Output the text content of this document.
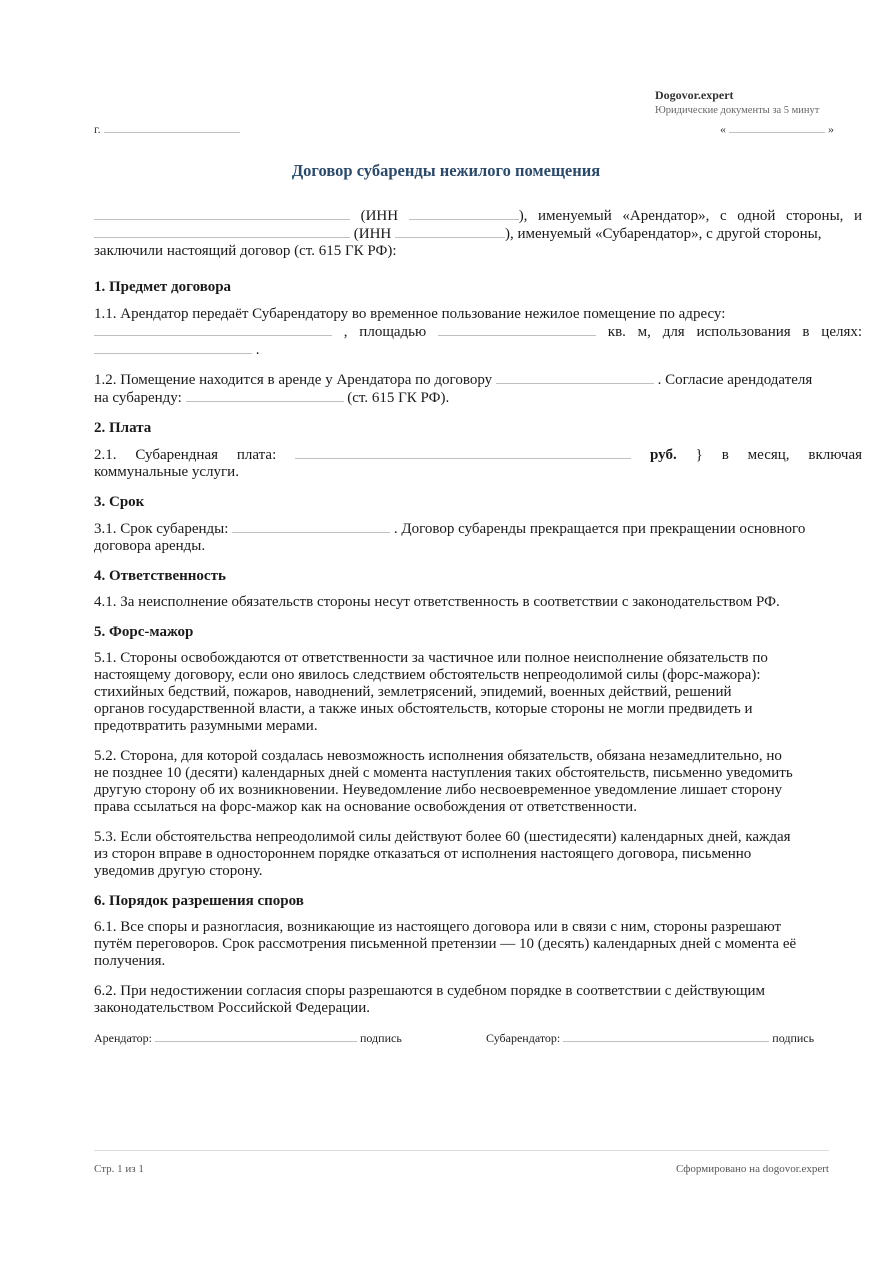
Dogovor.expert
Юридические документы за 5 минут
г.	«	»
Договор субаренды нежилого помещения

(ИНН	), именуемый «Арендатор», с одной стороны, и

(ИНН	), именуемый «Субарендатор», с другой стороны,

заключили настоящий договор (ст. 615 ГК РФ):

1. Предмет договора

1.1. Арендатор передаёт Субарендатору во временное пользование нежилое помещение по адресу:

, площадью	кв. м, для использования в целях:

.

1.2. Помещение находится в аренде у Арендатора по договору	. Согласие арендодателя

на субаренду:	(ст. 615 ГК РФ).

2. Плата

2.1. Субарендная плата:	руб. } в месяц, включая

коммунальные услуги.

3. Срок

3.1. Срок субаренды:	. Договор субаренды прекращается при прекращении основного

договора аренды.

4. Ответственность

4.1. За неисполнение обязательств стороны несут ответственность в соответствии с законодательством РФ.

5. Форс-мажор

5.1. Стороны освобождаются от ответственности за частичное или полное неисполнение обязательств по

настоящему договору, если оно явилось следствием обстоятельств непреодолимой силы (форс-мажора):

стихийных бедствий, пожаров, наводнений, землетрясений, эпидемий, военных действий, решений

органов государственной власти, а также иных обстоятельств, которые стороны не могли предвидеть и

предотвратить разумными мерами.

5.2. Сторона, для которой создалась невозможность исполнения обязательств, обязана незамедлительно, но

не позднее 10 (десяти) календарных дней с момента наступления таких обстоятельств, письменно уведомить

другую сторону об их возникновении. Неуведомление либо несвоевременное уведомление лишает сторону

права ссылаться на форс-мажор как на основание освобождения от ответственности.

5.3. Если обстоятельства непреодолимой силы действуют более 60 (шестидесяти) календарных дней, каждая

из сторон вправе в одностороннем порядке отказаться от исполнения настоящего договора, письменно

уведомив другую сторону.

6. Порядок разрешения споров

6.1. Все споры и разногласия, возникающие из настоящего договора или в связи с ним, стороны разрешают

путём переговоров. Срок рассмотрения письменной претензии — 10 (десять) календарных дней с момента её

получения.

6.2. При недостижении согласия споры разрешаются в судебном порядке в соответствии с действующим

законодательством Российской Федерации.

Арендатор:	подпись	Субарендатор:	подпись
Стр. 1 из 1	Сформировано на dogovor.expert
